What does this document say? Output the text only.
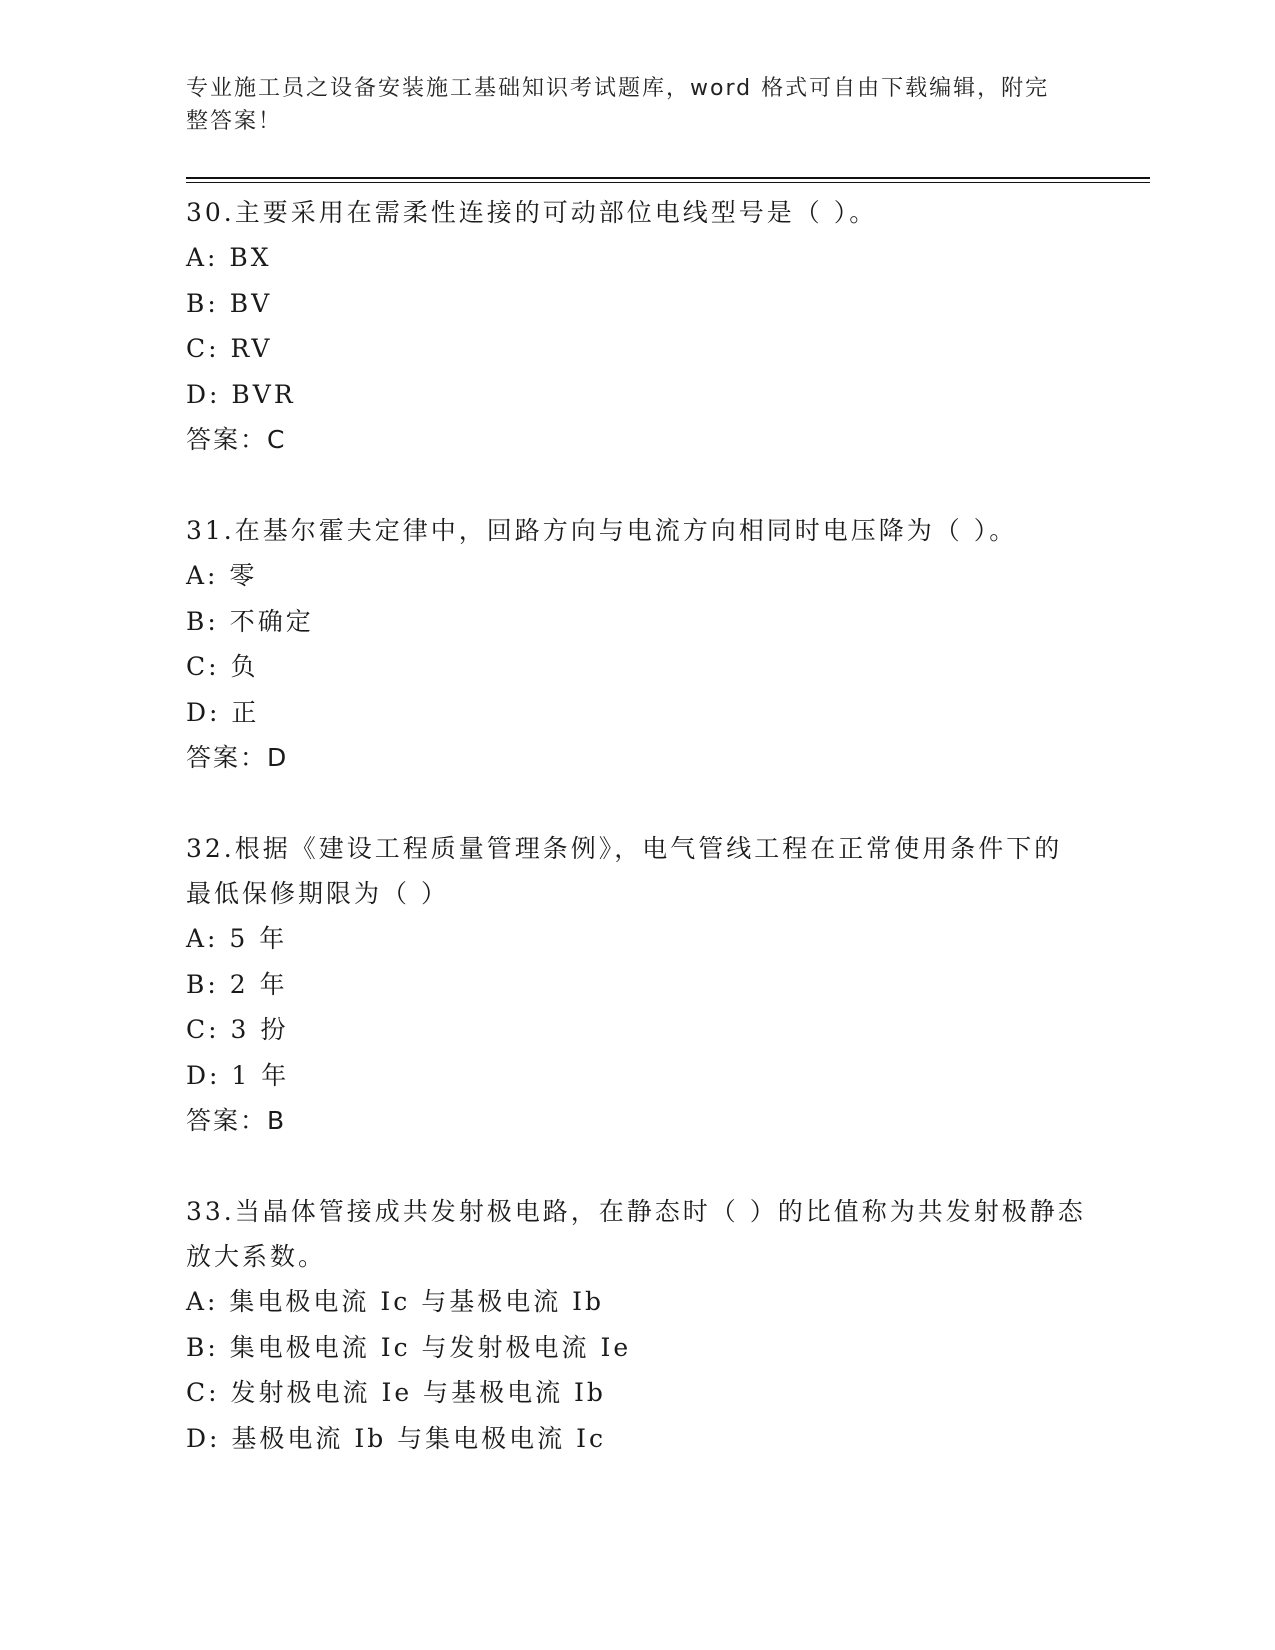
专业施工员之设备安装施工基础知识考试题库，word 格式可自由下载编辑，附完整答案！

30.主要采用在需柔性连接的可动部位电线型号是（ ）。

A: BX

B: BV

C: RV

D: BVR

答案：C

31.在基尔霍夫定律中，回路方向与电流方向相同时电压降为（ ）。

A: 零

B: 不确定

C: 负

D: 正

答案：D

32.根据《建设工程质量管理条例》，电气管线工程在正常使用条件下的最低保修期限为（ ）

A: 5 年

B: 2 年

C: 3 扮

D: 1 年

答案：B

33.当晶体管接成共发射极电路，在静态时（ ）的比值称为共发射极静态放大系数。

A: 集电极电流 Ic 与基极电流 Ib

B: 集电极电流 Ic 与发射极电流 Ie

C: 发射极电流 Ie 与基极电流 Ib

D: 基极电流 Ib 与集电极电流 Ic
